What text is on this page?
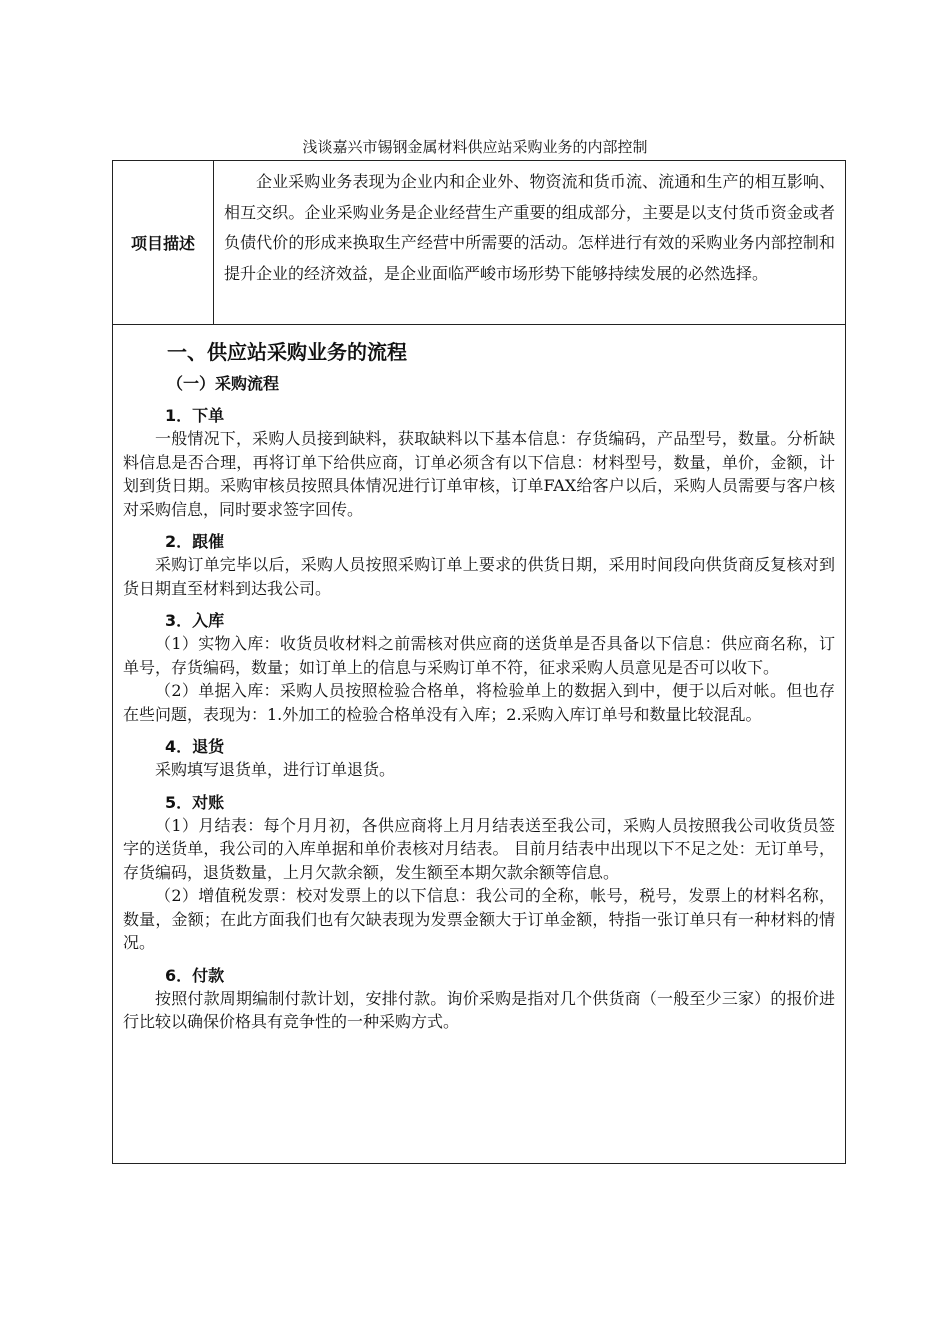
浅谈嘉兴市锡钢金属材料供应站采购业务的内部控制
项目描述
企业采购业务表现为企业内和企业外、物资流和货币流、流通和生产的相互影响、相互交织。企业采购业务是企业经营生产重要的组成部分，主要是以支付货币资金或者负债代价的形成来换取生产经营中所需要的活动。怎样进行有效的采购业务内部控制和提升企业的经济效益，是企业面临严峻市场形势下能够持续发展的必然选择。
一、供应站采购业务的流程
（一）采购流程
1．下单

一般情况下，采购人员接到缺料，获取缺料以下基本信息：存货编码，产品型号，数量。分析缺料信息是否合理，再将订单下给供应商，订单必须含有以下信息：材料型号，数量，单价，金额，计划到货日期。采购审核员按照具体情况进行订单审核，订单FAX给客户以后，采购人员需要与客户核对采购信息，同时要求签字回传。

2．跟催

采购订单完毕以后，采购人员按照采购订单上要求的供货日期，采用时间段向供货商反复核对到货日期直至材料到达我公司。

3．入库

（1）实物入库：收货员收材料之前需核对供应商的送货单是否具备以下信息：供应商名称，订单号，存货编码，数量；如订单上的信息与采购订单不符，征求采购人员意见是否可以收下。

（2）单据入库：采购人员按照检验合格单，将检验单上的数据入到中，便于以后对帐。但也存在些问题，表现为：1.外加工的检验合格单没有入库；2.采购入库订单号和数量比较混乱。

4．退货

采购填写退货单，进行订单退货。

5．对账

（1）月结表：每个月月初，各供应商将上月月结表送至我公司，采购人员按照我公司收货员签字的送货单，我公司的入库单据和单价表核对月结表。 目前月结表中出现以下不足之处：无订单号，存货编码，退货数量，上月欠款余额，发生额至本期欠款余额等信息。

（2）增值税发票：校对发票上的以下信息：我公司的全称，帐号，税号，发票上的材料名称，数量，金额；在此方面我们也有欠缺表现为发票金额大于订单金额，特指一张订单只有一种材料的情况。

6．付款

按照付款周期编制付款计划，安排付款。询价采购是指对几个供货商（一般至少三家）的报价进行比较以确保价格具有竞争性的一种采购方式。
